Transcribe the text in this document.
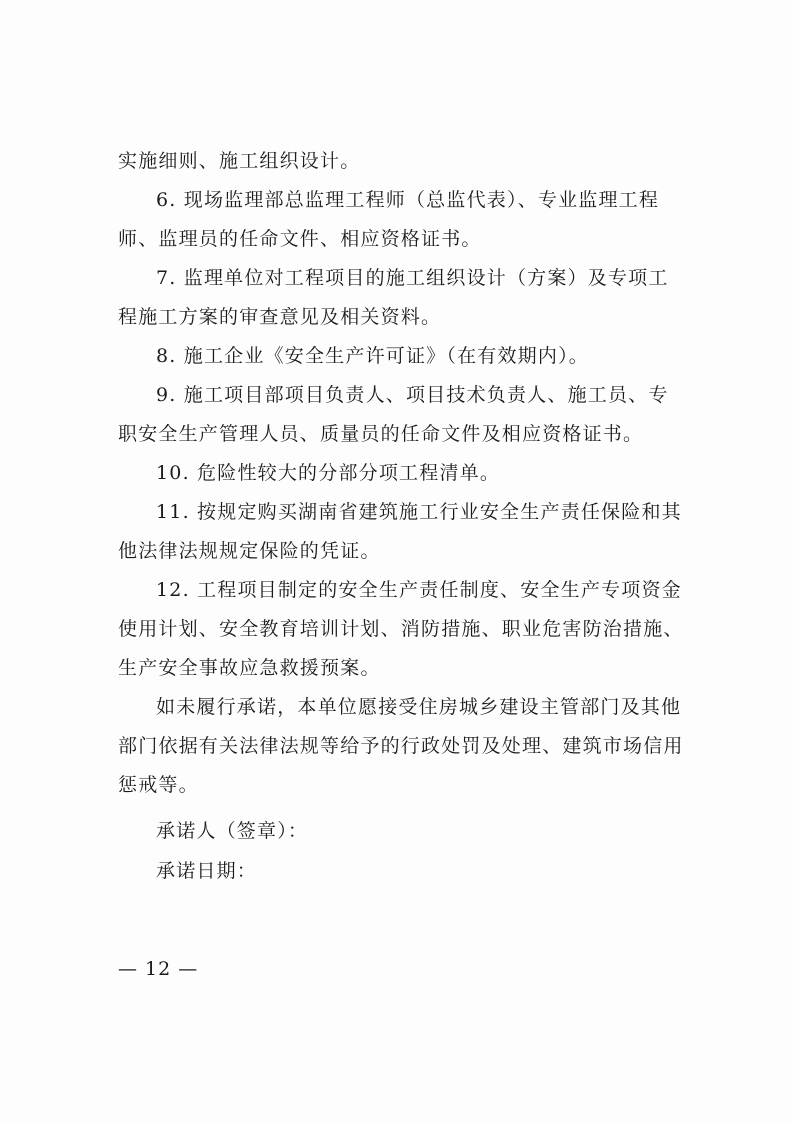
实施细则、施工组织设计。
6. 现场监理部总监理工程师（总监代表）、专业监理工程
师、监理员的任命文件、相应资格证书。
7. 监理单位对工程项目的施工组织设计（方案）及专项工
程施工方案的审查意见及相关资料。
8. 施工企业《安全生产许可证》（在有效期内）。
9. 施工项目部项目负责人、项目技术负责人、施工员、专
职安全生产管理人员、质量员的任命文件及相应资格证书。
10. 危险性较大的分部分项工程清单。
11. 按规定购买湖南省建筑施工行业安全生产责任保险和其
他法律法规规定保险的凭证。
12. 工程项目制定的安全生产责任制度、安全生产专项资金
使用计划、安全教育培训计划、消防措施、职业危害防治措施、
生产安全事故应急救援预案。
如未履行承诺，本单位愿接受住房城乡建设主管部门及其他
部门依据有关法律法规等给予的行政处罚及处理、建筑市场信用
惩戒等。
承诺人（签章）：
承诺日期：
— 12 —
